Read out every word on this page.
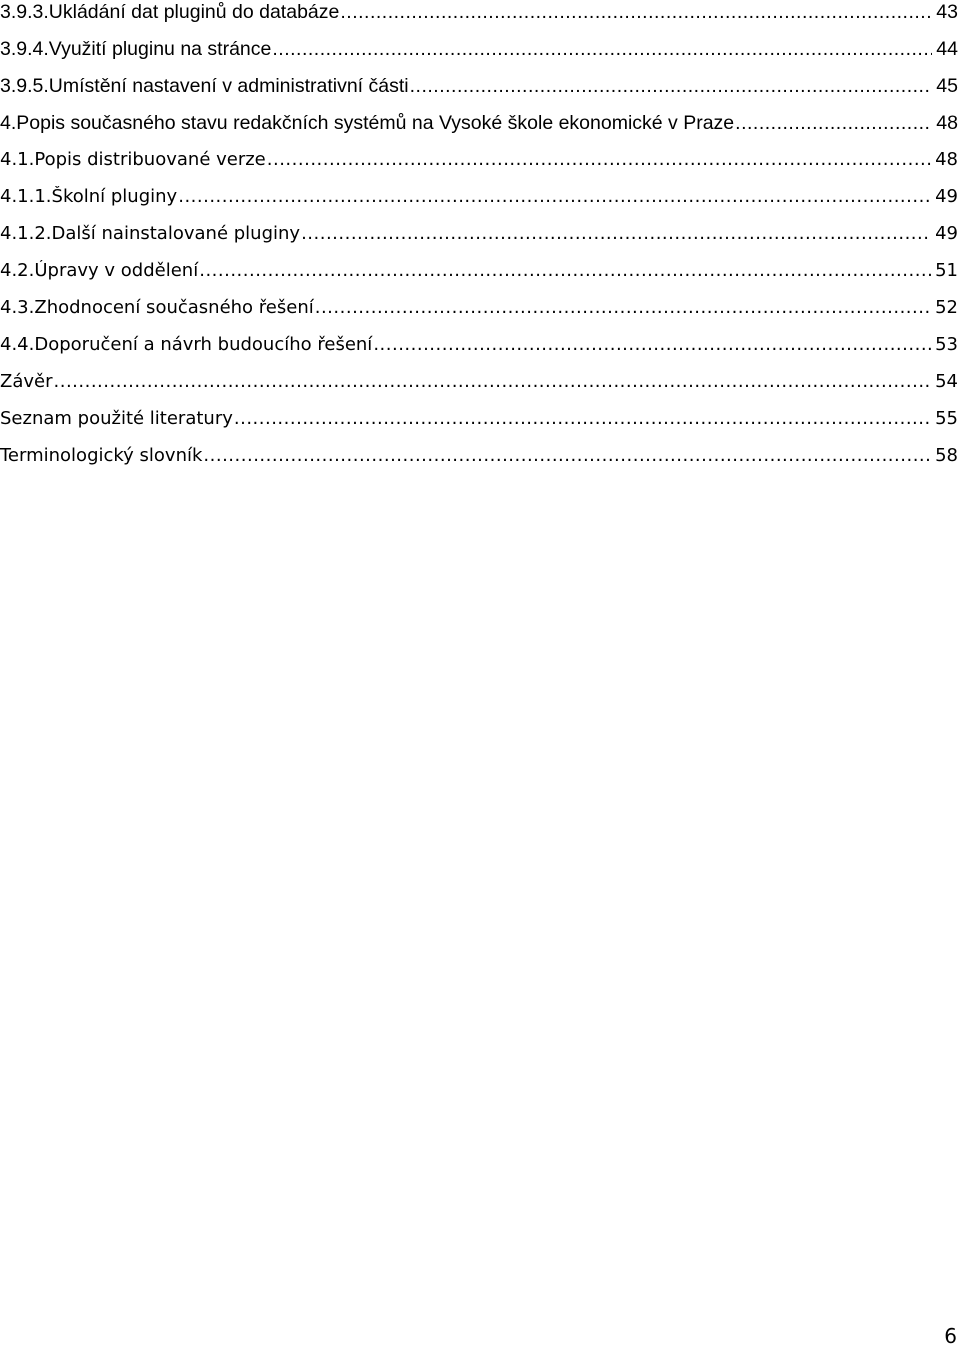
3.9.3. Ukládání dat pluginů do databáze .....	43
3.9.4. Využití pluginu na stránce .....	44
3.9.5. Umístění nastavení v administrativní části .....	45
4. Popis současného stavu redakčních systémů na Vysoké škole ekonomické v Praze .....	48
4.1. Popis distribuované verze .....	48
4.1.1. Školní pluginy .....	49
4.1.2. Další nainstalované pluginy .....	49
4.2. Úpravy v oddělení .....	51
4.3. Zhodnocení současného řešení .....	52
4.4. Doporučení a návrh budoucího řešení .....	53
Závěr .....	54
Seznam použité literatury .....	55
Terminologický slovník .....	58
6
